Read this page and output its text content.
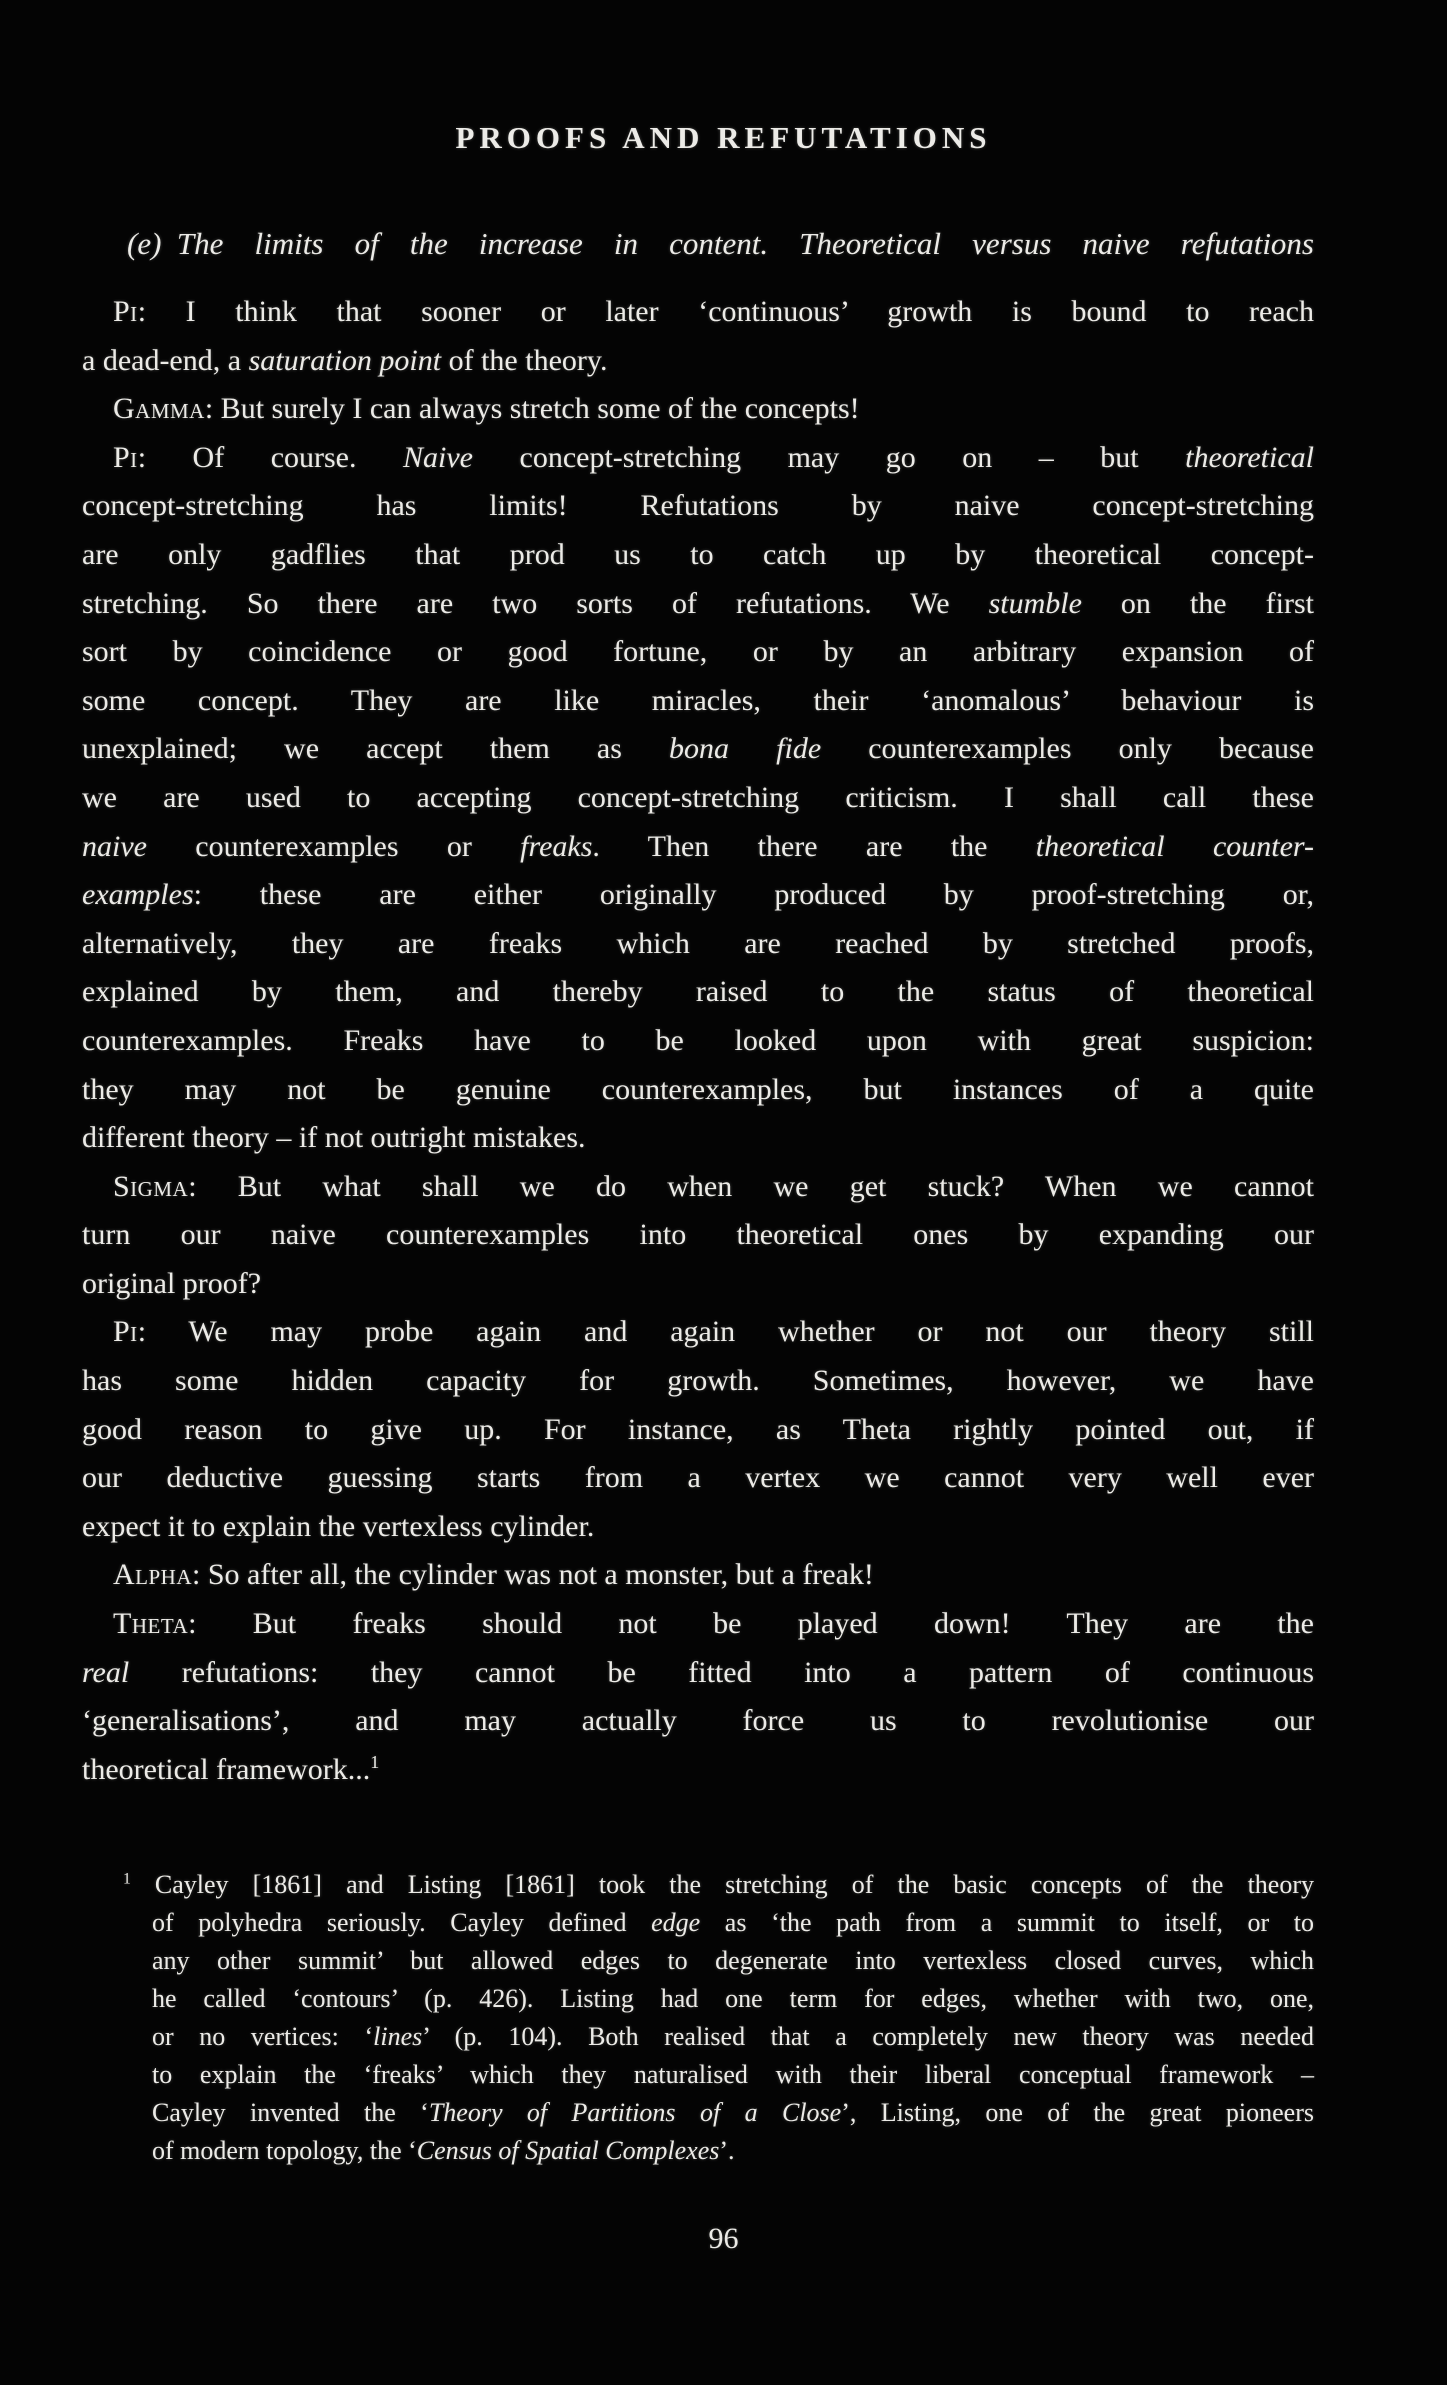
PROOFS AND REFUTATIONS
(e) The limits of the increase in content. Theoretical versus naive refutations
Pi: I think that sooner or later ‘continuous’ growth is bound to reach
a dead-end, a saturation point of the theory.
Gamma: But surely I can always stretch some of the concepts!
Pi: Of course. Naive concept-stretching may go on – but theoretical
concept-stretching has limits! Refutations by naive concept-stretching
are only gadflies that prod us to catch up by theoretical concept-
stretching. So there are two sorts of refutations. We stumble on the first
sort by coincidence or good fortune, or by an arbitrary expansion of
some concept. They are like miracles, their ‘anomalous’ behaviour is
unexplained; we accept them as bona fide counterexamples only because
we are used to accepting concept-stretching criticism. I shall call these
naive counterexamples or freaks. Then there are the theoretical counter-
examples: these are either originally produced by proof-stretching or,
alternatively, they are freaks which are reached by stretched proofs,
explained by them, and thereby raised to the status of theoretical
counterexamples. Freaks have to be looked upon with great suspicion:
they may not be genuine counterexamples, but instances of a quite
different theory – if not outright mistakes.
Sigma: But what shall we do when we get stuck? When we cannot
turn our naive counterexamples into theoretical ones by expanding our
original proof?
Pi: We may probe again and again whether or not our theory still
has some hidden capacity for growth. Sometimes, however, we have
good reason to give up. For instance, as Theta rightly pointed out, if
our deductive guessing starts from a vertex we cannot very well ever
expect it to explain the vertexless cylinder.
Alpha: So after all, the cylinder was not a monster, but a freak!
Theta: But freaks should not be played down! They are the
real refutations: they cannot be fitted into a pattern of continuous
‘generalisations’, and may actually force us to revolutionise our
theoretical framework...$^1$
$^1$ Cayley [1861] and Listing [1861] took the stretching of the basic concepts of the theory
of polyhedra seriously. Cayley defined edge as ‘the path from a summit to itself, or to
any other summit’ but allowed edges to degenerate into vertexless closed curves, which
he called ‘contours’ (p. 426). Listing had one term for edges, whether with two, one,
or no vertices: ‘lines’ (p. 104). Both realised that a completely new theory was needed
to explain the ‘freaks’ which they naturalised with their liberal conceptual framework –
Cayley invented the ‘Theory of Partitions of a Close’, Listing, one of the great pioneers
of modern topology, the ‘Census of Spatial Complexes’.
96
